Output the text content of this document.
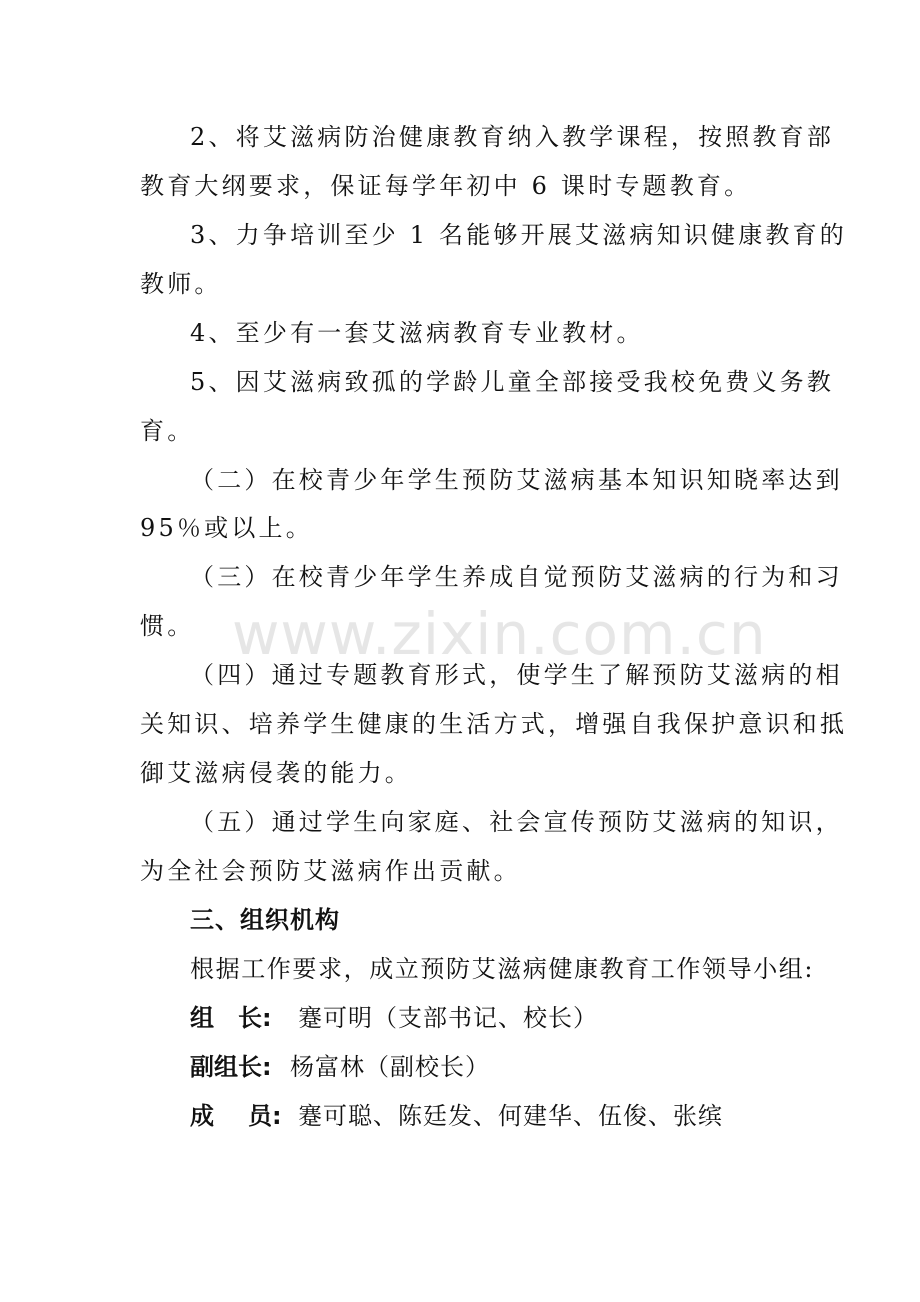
www.zixin.com.cn
2、将艾滋病防治健康教育纳入教学课程，按照教育部
教育大纲要求，保证每学年初中 6 课时专题教育。
3、力争培训至少 1 名能够开展艾滋病知识健康教育的
教师。
4、至少有一套艾滋病教育专业教材。
5、因艾滋病致孤的学龄儿童全部接受我校免费义务教
育。
（二）在校青少年学生预防艾滋病基本知识知晓率达到
95％或以上。
（三）在校青少年学生养成自觉预防艾滋病的行为和习
惯。
（四）通过专题教育形式，使学生了解预防艾滋病的相
关知识、培养学生健康的生活方式，增强自我保护意识和抵
御艾滋病侵袭的能力。
（五）通过学生向家庭、社会宣传预防艾滋病的知识，
为全社会预防艾滋病作出贡献。
三、组织机构
根据工作要求，成立预防艾滋病健康教育工作领导小组:
组 长: 蹇可明（支部书记、校长）
副组长: 杨富林（副校长）
成 员: 蹇可聪、陈廷发、何建华、伍俊、张缤
